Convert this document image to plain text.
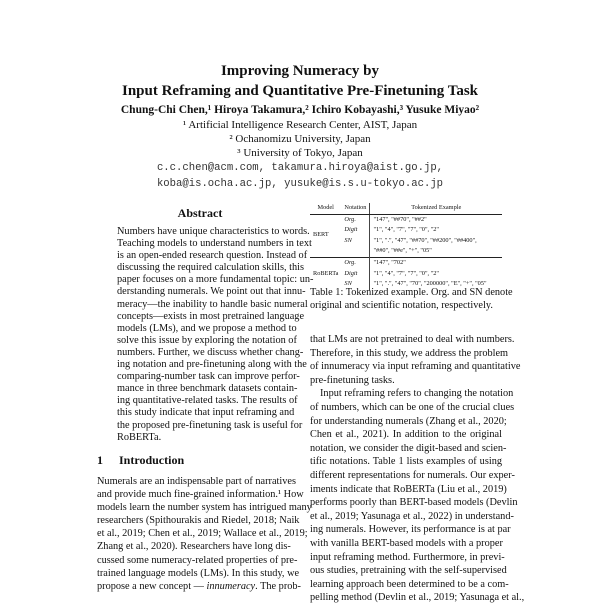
Improving Numeracy by
Input Reframing and Quantitative Pre-Finetuning Task
Chung-Chi Chen,¹ Hiroya Takamura,² Ichiro Kobayashi,³ Yusuke Miyao²
¹ Artificial Intelligence Research Center, AIST, Japan
² Ochanomizu University, Japan
³ University of Tokyo, Japan
c.c.chen@acm.com, takamura.hiroya@aist.go.jp,
koba@is.ocha.ac.jp, yusuke@is.s.u-tokyo.ac.jp
Abstract
Numbers have unique characteristics to words.
Teaching models to understand numbers in text
is an open-ended research question. Instead of
discussing the required calculation skills, this
paper focuses on a more fundamental topic: un-
derstanding numerals. We point out that innu-
meracy—the inability to handle basic numeral
concepts—exists in most pretrained language
models (LMs), and we propose a method to
solve this issue by exploring the notation of
numbers. Further, we discuss whether chang-
ing notation and pre-finetuning along with the
comparing-number task can improve perfor-
mance in three benchmark datasets contain-
ing quantitative-related tasks. The results of
this study indicate that input reframing and
the proposed pre-finetuning task is useful for
RoBERTa.
1 Introduction
Numerals are an indispensable part of narratives
and provide much fine-grained information.¹ How
models learn the number system has intrigued many
researchers (Spithourakis and Riedel, 2018; Naik
et al., 2019; Chen et al., 2019; Wallace et al., 2019;
Zhang et al., 2020). Researchers have long dis-
cussed some numeracy-related properties of pre-
trained language models (LMs). In this study, we
propose a new concept — innumeracy. The prob-
Model	Notation	Tokenized Example
BERT	Org.	"147", "##70", "##2"
	Digit	"1", "4", "7", "7", "0", "2"
	SN	"1", ".", "47", "##70", "##200", "##400",
		"##0", "##e", "+", "05"
RoBERTa	Org.	"147", "702"
	Digit	"1", "4", "7", "7", "0", "2"
	SN	"1", ".", "47", "70", "200000", "E", "+", "05"
Table 1: Tokenized example. Org. and SN denote
original and scientific notation, respectively.
that LMs are not pretrained to deal with numbers.
Therefore, in this study, we address the problem
of innumeracy via input reframing and quantitative
pre-finetuning tasks.
Input reframing refers to changing the notation
of numbers, which can be one of the crucial clues
for understanding numerals (Zhang et al., 2020;
Chen et al., 2021). In addition to the original
notation, we consider the digit-based and scien-
tific notations. Table 1 lists examples of using
different representations for numerals. Our exper-
iments indicate that RoBERTa (Liu et al., 2019)
performs poorly than BERT-based models (Devlin
et al., 2019; Yasunaga et al., 2022) in understand-
ing numerals. However, its performance is at par
with vanilla BERT-based models with a proper
input reframing method. Furthermore, in previ-
ous studies, pretraining with the self-supervised
learning approach been determined to be a com-
pelling method (Devlin et al., 2019; Yasunaga et al.,
